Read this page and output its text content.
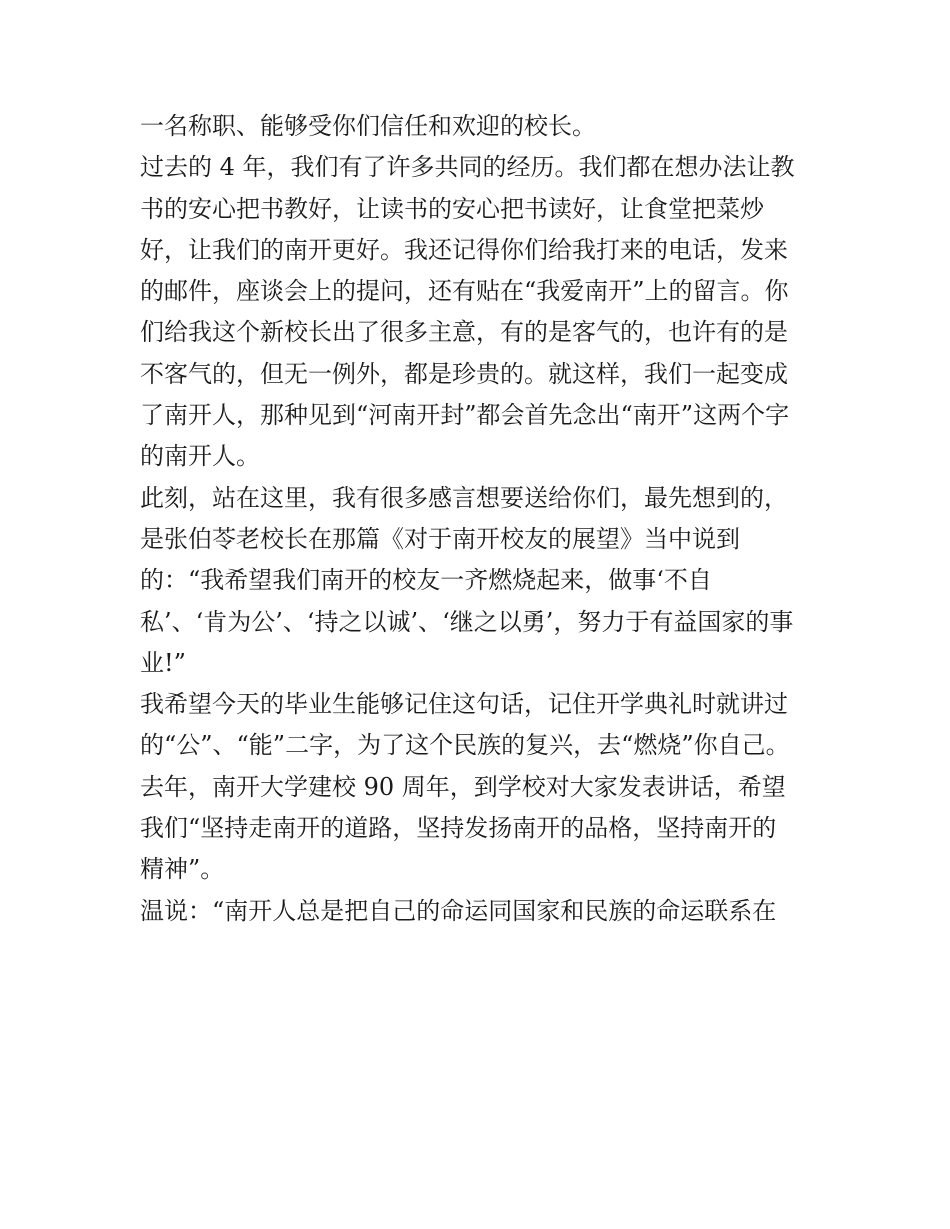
一名称职、能够受你们信任和欢迎的校长。
过去的 4 年，我们有了许多共同的经历。我们都在想办法让教
书的安心把书教好，让读书的安心把书读好，让食堂把菜炒
好，让我们的南开更好。我还记得你们给我打来的电话，发来
的邮件，座谈会上的提问，还有贴在“我爱南开”上的留言。你
们给我这个新校长出了很多主意，有的是客气的，也许有的是
不客气的，但无一例外，都是珍贵的。就这样，我们一起变成
了南开人，那种见到“河南开封”都会首先念出“南开”这两个字
的南开人。
此刻，站在这里，我有很多感言想要送给你们，最先想到的，
是张伯苓老校长在那篇《对于南开校友的展望》当中说到
的：“我希望我们南开的校友一齐燃烧起来，做事‘不自
私’、‘肯为公’、‘持之以诚’、‘继之以勇’，努力于有益国家的事
业!”
我希望今天的毕业生能够记住这句话，记住开学典礼时就讲过
的“公”、“能”二字，为了这个民族的复兴，去“燃烧”你自己。
去年，南开大学建校 90 周年，到学校对大家发表讲话，希望
我们“坚持走南开的道路，坚持发扬南开的品格，坚持南开的
精神”。
温说：“南开人总是把自己的命运同国家和民族的命运联系在
